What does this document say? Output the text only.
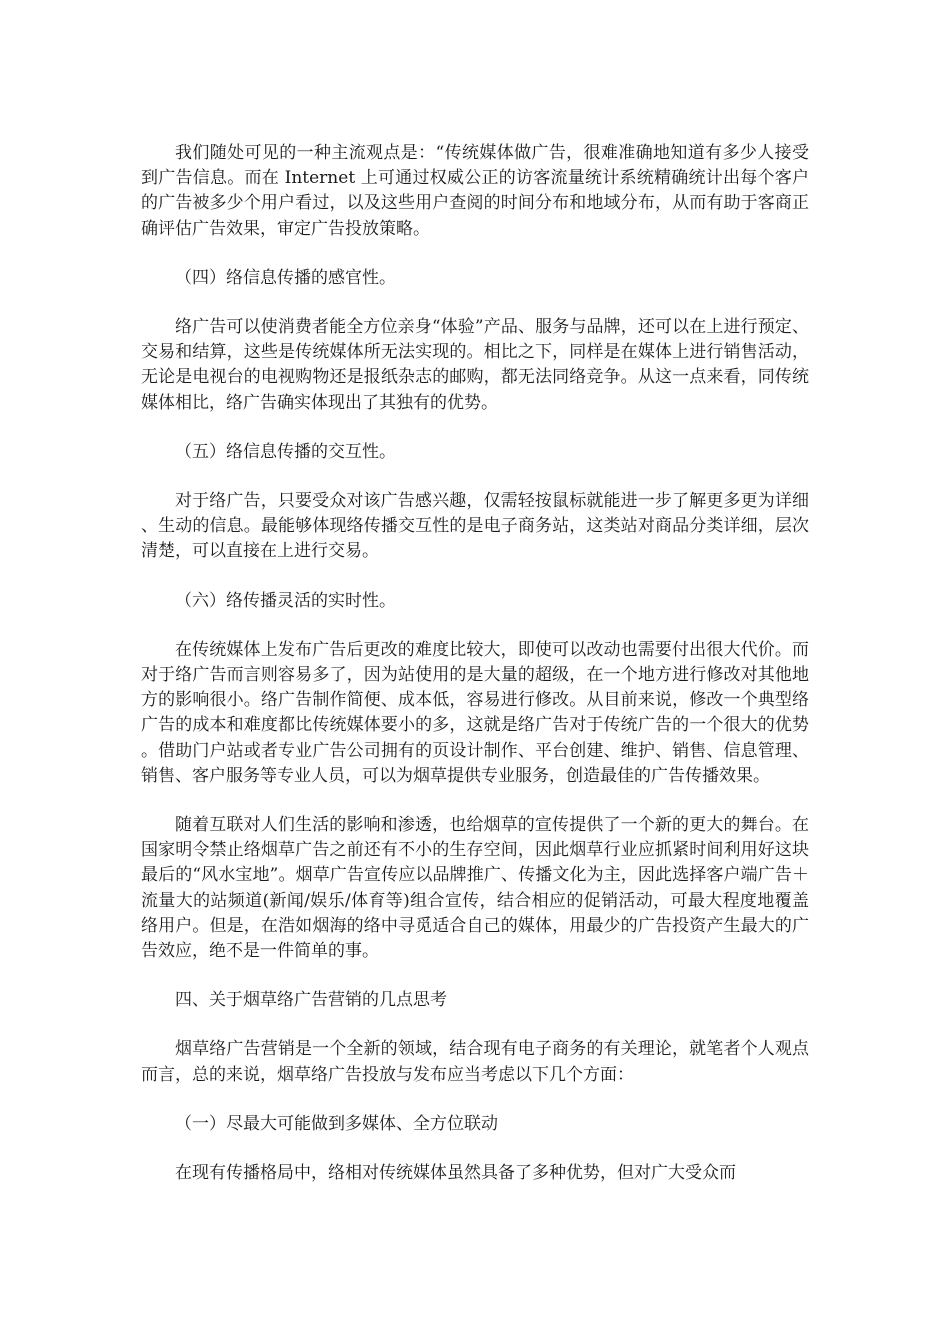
我们随处可见的一种主流观点是：“传统媒体做广告，很难准确地知道有多少人接受到广告信息。而在 Internet 上可通过权威公正的访客流量统计系统精确统计出每个客户的广告被多少个用户看过，以及这些用户查阅的时间分布和地域分布，从而有助于客商正确评估广告效果，审定广告投放策略。

（四）络信息传播的感官性。

络广告可以使消费者能全方位亲身“体验”产品、服务与品牌，还可以在上进行预定、交易和结算，这些是传统媒体所无法实现的。相比之下，同样是在媒体上进行销售活动，无论是电视台的电视购物还是报纸杂志的邮购，都无法同络竞争。从这一点来看，同传统媒体相比，络广告确实体现出了其独有的优势。

（五）络信息传播的交互性。

对于络广告，只要受众对该广告感兴趣，仅需轻按鼠标就能进一步了解更多更为详细、生动的信息。最能够体现络传播交互性的是电子商务站，这类站对商品分类详细，层次清楚，可以直接在上进行交易。

（六）络传播灵活的实时性。

在传统媒体上发布广告后更改的难度比较大，即使可以改动也需要付出很大代价。而对于络广告而言则容易多了，因为站使用的是大量的超级，在一个地方进行修改对其他地方的影响很小。络广告制作简便、成本低，容易进行修改。从目前来说，修改一个典型络广告的成本和难度都比传统媒体要小的多，这就是络广告对于传统广告的一个很大的优势。借助门户站或者专业广告公司拥有的页设计制作、平台创建、维护、销售、信息管理、销售、客户服务等专业人员，可以为烟草提供专业服务，创造最佳的广告传播效果。

随着互联对人们生活的影响和渗透，也给烟草的宣传提供了一个新的更大的舞台。在国家明令禁止络烟草广告之前还有不小的生存空间，因此烟草行业应抓紧时间利用好这块最后的“风水宝地”。烟草广告宣传应以品牌推广、传播文化为主，因此选择客户端广告＋流量大的站频道(新闻/娱乐/体育等)组合宣传，结合相应的促销活动，可最大程度地覆盖络用户。但是，在浩如烟海的络中寻觅适合自己的媒体，用最少的广告投资产生最大的广告效应，绝不是一件简单的事。

四、关于烟草络广告营销的几点思考

烟草络广告营销是一个全新的领域，结合现有电子商务的有关理论，就笔者个人观点而言，总的来说，烟草络广告投放与发布应当考虑以下几个方面：

（一）尽最大可能做到多媒体、全方位联动

在现有传播格局中，络相对传统媒体虽然具备了多种优势，但对广大受众而
